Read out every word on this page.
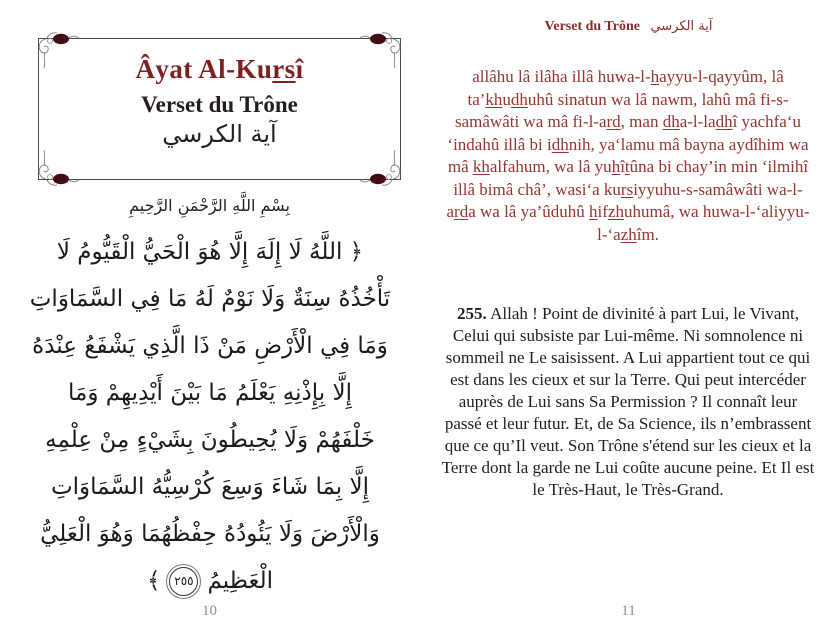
Âyat Al-Kursî
Verset du Trône
آية الكرسي
بِسْمِ اللَّهِ الرَّحْمَنِ الرَّحِيمِ
﴿ اللَّهُ لَا إِلَهَ إِلَّا هُوَ الْحَيُّ الْقَيُّومُ لَا
تَأْخُذُهُ سِنَةٌ وَلَا نَوْمٌ لَهُ مَا فِي السَّمَاوَاتِ
وَمَا فِي الْأَرْضِ مَنْ ذَا الَّذِي يَشْفَعُ عِنْدَهُ
إِلَّا بِإِذْنِهِ يَعْلَمُ مَا بَيْنَ أَيْدِيهِمْ وَمَا
خَلْفَهُمْ وَلَا يُحِيطُونَ بِشَيْءٍ مِنْ عِلْمِهِ
إِلَّا بِمَا شَاءَ وَسِعَ كُرْسِيُّهُ السَّمَاوَاتِ
وَالْأَرْضَ وَلَا يَئُودُهُ حِفْظُهُمَا وَهُوَ الْعَلِيُّ
الْعَظِيمُ٢٥٥﴾
10
Verset du Trône آية الكرسي
allâhu lâ ilâha illâ huwa-l-hayyu-l-qayyûm, lâ ta’khudhuhû sinatun wa lâ nawm, lahû mâ fi-s-samâwâti wa mâ fi-l-ard, man dha-l-ladhî yachfa‘u ‘indahû illâ bi idhnih, ya‘lamu mâ bayna aydîhim wa mâ khalfahum, wa lâ yuhîtûna bi chay’in min ‘ilmihî illâ bimâ châ’, wasi‘a kursiyyuhu-s-samâwâti wa-l-arda wa lâ ya’ûduhû hifzhuhumâ, wa huwa-l-‘aliyyu-l-‘azhîm.
255. Allah ! Point de divinité à part Lui, le Vivant, Celui qui subsiste par Lui-même. Ni somnolence ni sommeil ne Le saisissent. A Lui appartient tout ce qui est dans les cieux et sur la Terre. Qui peut intercéder auprès de Lui sans Sa Permission ? Il connaît leur passé et leur futur. Et, de Sa Science, ils n’embrassent que ce qu’Il veut. Son Trône s'étend sur les cieux et la Terre dont la garde ne Lui coûte aucune peine. Et Il est le Très-Haut, le Très-Grand.
11
